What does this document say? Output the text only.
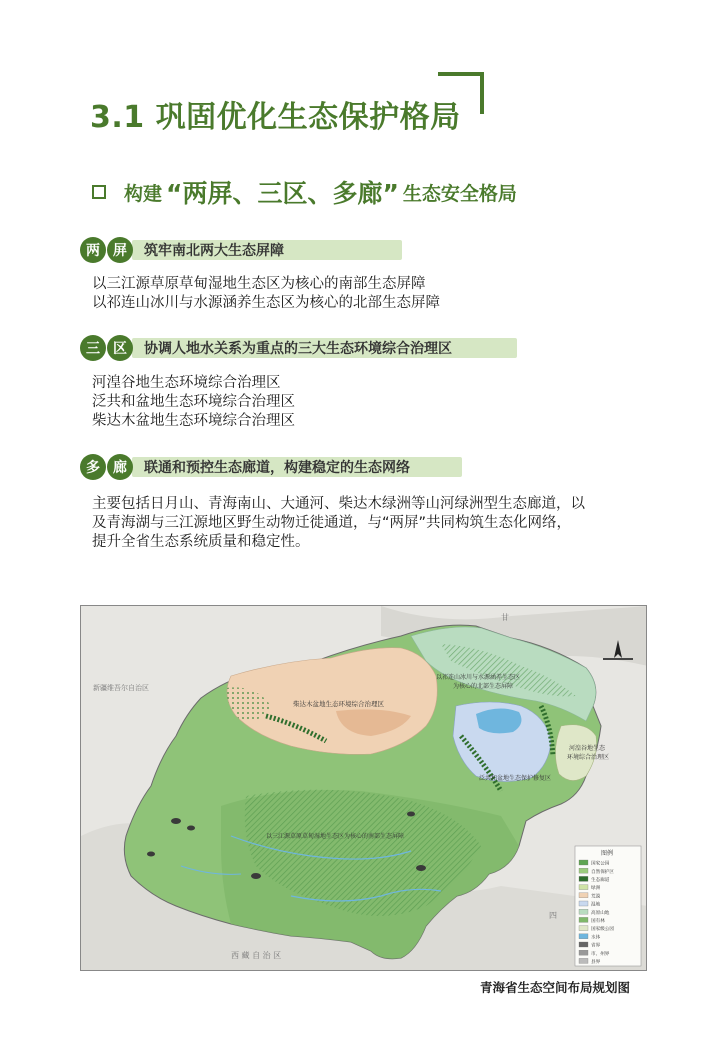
3.1 巩固优化生态保护格局
构建 “两屏、三区、多廊” 生态安全格局
两 屏	筑牢南北两大生态屏障
以三江源草原草甸湿地生态区为核心的南部生态屏障
以祁连山冰川与水源涵养生态区为核心的北部生态屏障
三 区	协调人地水关系为重点的三大生态环境综合治理区
河湟谷地生态环境综合治理区
泛共和盆地生态环境综合治理区
柴达木盆地生态环境综合治理区
多 廊	联通和预控生态廊道，构建稳定的生态网络
主要包括日月山、青海南山、大通河、柴达木绿洲等山河绿洲型生态廊道，以
及青海湖与三江源地区野生动物迁徙通道，与“两屏”共同构筑生态化网络，
提升全省生态系统质量和稳定性。
柴达木盆地生态环境综合治理区
以祁连山冰川与水源涵养生态区
为核心的北部生态屏障
以三江源草原草甸湿地生态区为核心的南部生态屏障
泛共和盆地生态保护修复区
河湟谷地生态
环境综合治理区
新疆维吾尔自治区
西 藏 自 治 区
甘
四
图例
国家公园
自然保护区
生态廊道
绿洲
荒漠
湿地
高原山地
国有林
国家级公园
水体
省界
市、州界
县界
青海省生态空间布局规划图
